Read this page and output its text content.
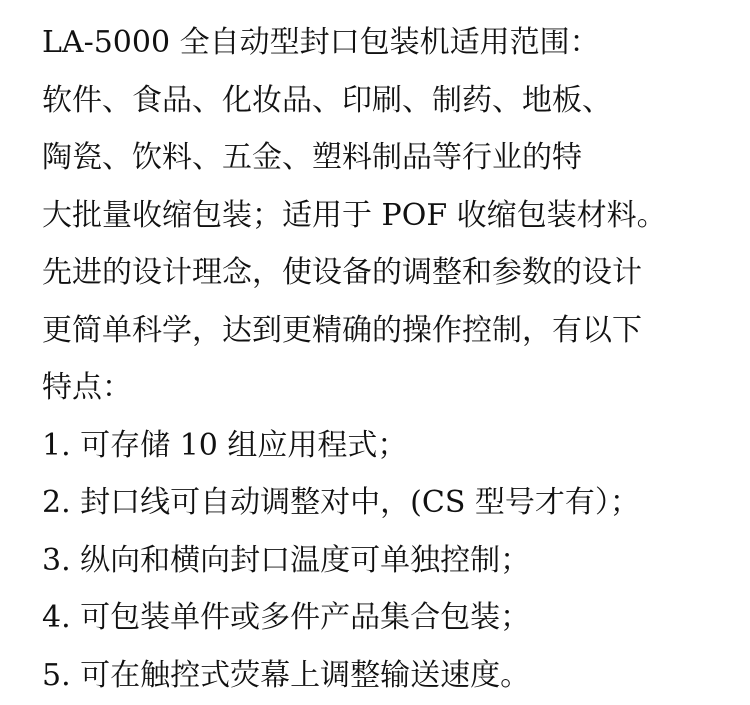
LA-5000 全自动型封口包装机适用范围：
软件、食品、化妆品、印刷、制药、地板、
陶瓷、饮料、五金、塑料制品等行业的特
大批量收缩包装；适用于 POF 收缩包装材料。
先进的设计理念，使设备的调整和参数的设计
更简单科学，达到更精确的操作控制，有以下
特点：
1. 可存储 10 组应用程式；
2. 封口线可自动调整对中，(CS 型号才有）；
3. 纵向和横向封口温度可单独控制；
4. 可包装单件或多件产品集合包装；
5. 可在触控式荧幕上调整输送速度。
